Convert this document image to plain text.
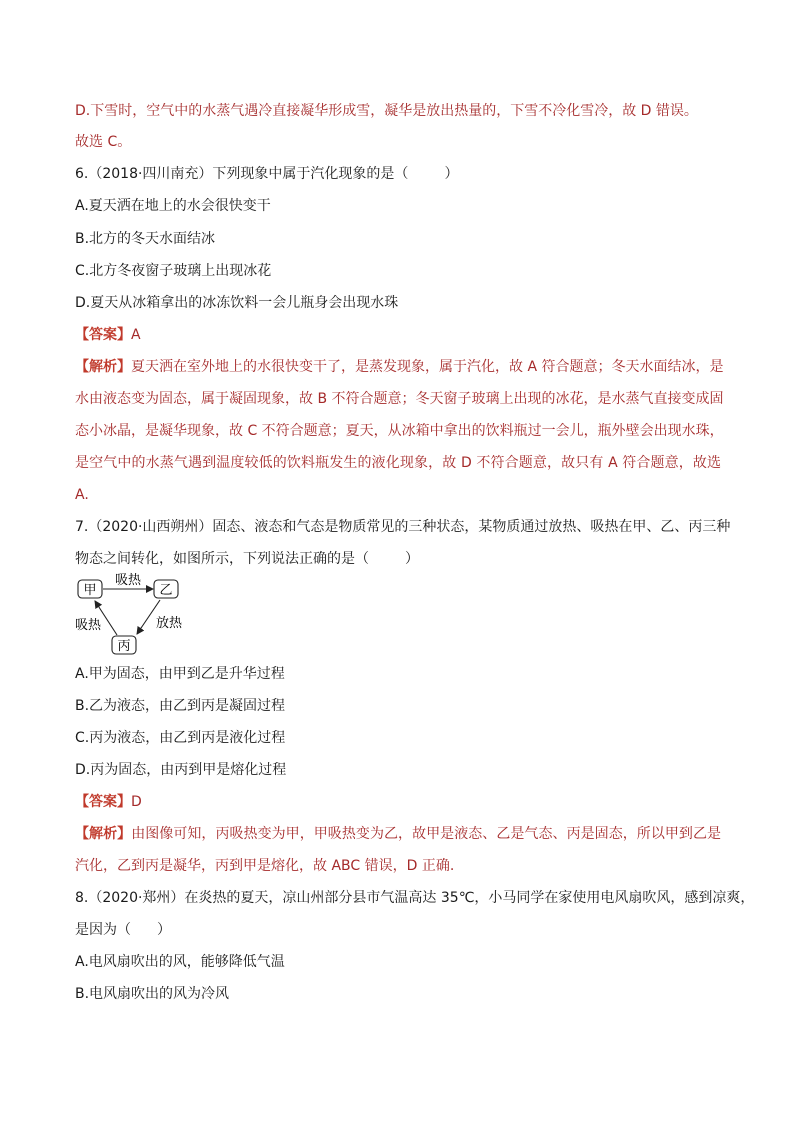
D.下雪时，空气中的水蒸气遇冷直接凝华形成雪，凝华是放出热量的，下雪不冷化雪冷，故 D 错误。
故选 C。
6.（2018·四川南充）下列现象中属于汽化现象的是（	）
A.夏天洒在地上的水会很快变干
B.北方的冬天水面结冰
C.北方冬夜窗子玻璃上出现冰花
D.夏天从冰箱拿出的冰冻饮料一会儿瓶身会出现水珠
【答案】A
【解析】夏天洒在室外地上的水很快变干了，是蒸发现象，属于汽化，故 A 符合题意；冬天水面结冰，是
水由液态变为固态，属于凝固现象，故 B 不符合题意；冬天窗子玻璃上出现的冰花，是水蒸气直接变成固
态小冰晶，是凝华现象，故 C 不符合题意；夏天，从冰箱中拿出的饮料瓶过一会儿，瓶外壁会出现水珠，
是空气中的水蒸气遇到温度较低的饮料瓶发生的液化现象，故 D 不符合题意，故只有 A 符合题意，故选
A.
7.（2020·山西朔州）固态、液态和气态是物质常见的三种状态，某物质通过放热、吸热在甲、乙、丙三种
物态之间转化，如图所示，下列说法正确的是（	）
甲	乙
丙
吸热
放热
吸热
A.甲为固态，由甲到乙是升华过程
B.乙为液态，由乙到丙是凝固过程
C.丙为液态，由乙到丙是液化过程
D.丙为固态，由丙到甲是熔化过程
【答案】D
【解析】由图像可知，丙吸热变为甲，甲吸热变为乙，故甲是液态、乙是气态、丙是固态，所以甲到乙是
汽化，乙到丙是凝华，丙到甲是熔化，故 ABC 错误，D 正确.
8.（2020·郑州）在炎热的夏天，凉山州部分县市气温高达 35℃，小马同学在家使用电风扇吹风，感到凉爽，
是因为（ ）
A.电风扇吹出的风，能够降低气温
B.电风扇吹出的风为冷风
